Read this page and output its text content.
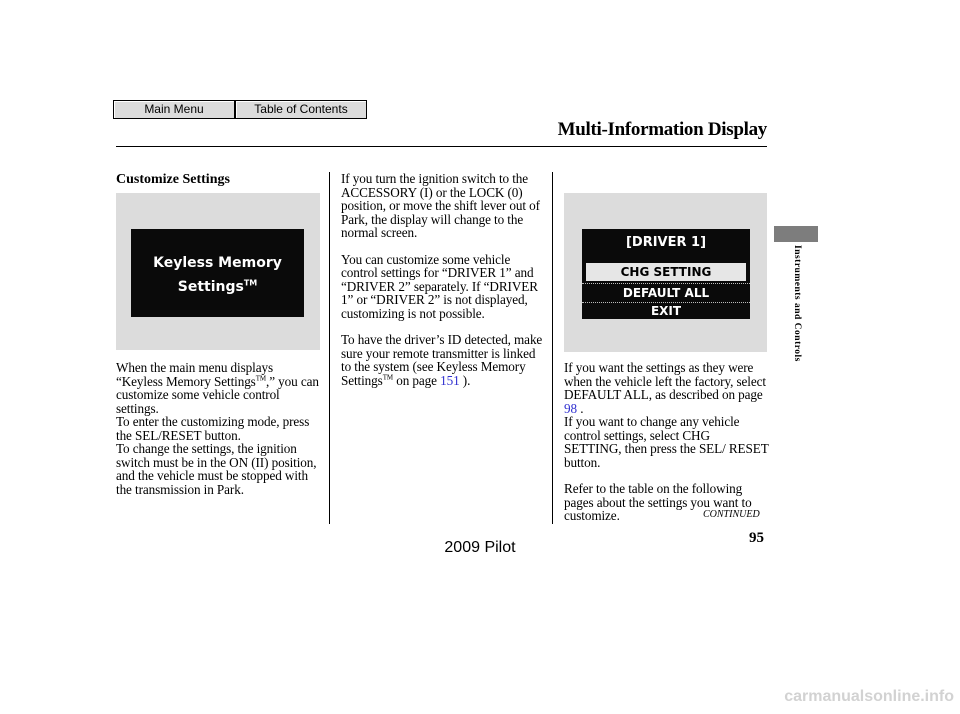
Main Menu	Table of Contents
Multi-Information Display
Customize Settings
Keyless Memory
Settings™
[DRIVER 1]
CHG SETTING
DEFAULT ALL
EXIT

When the main menu displays “Keyless Memory Settings™,” you can customize some vehicle control settings.

To enter the customizing mode, press the SEL/RESET button.

To change the settings, the ignition switch must be in the ON (II) position, and the vehicle must be stopped with the transmission in Park.

If you turn the ignition switch to the ACCESSORY (I) or the LOCK (0) position, or move the shift lever out of Park, the display will change to the normal screen.

You can customize some vehicle control settings for “DRIVER 1” and “DRIVER 2” separately. If “DRIVER 1” or “DRIVER 2” is not displayed, customizing is not possible.

To have the driver’s ID detected, make sure your remote transmitter is linked to the system (see Keyless Memory Settings™ on page 151 ).

If you want the settings as they were when the vehicle left the factory, select DEFAULT ALL, as described on page 98 .

If you want to change any vehicle control settings, select CHG SETTING, then press the SEL/ RESET button.

Refer to the table on the following pages about the settings you want to customize.	CONTINUED
Instruments and Controls
95
2009 Pilot
carmanualsonline.info
